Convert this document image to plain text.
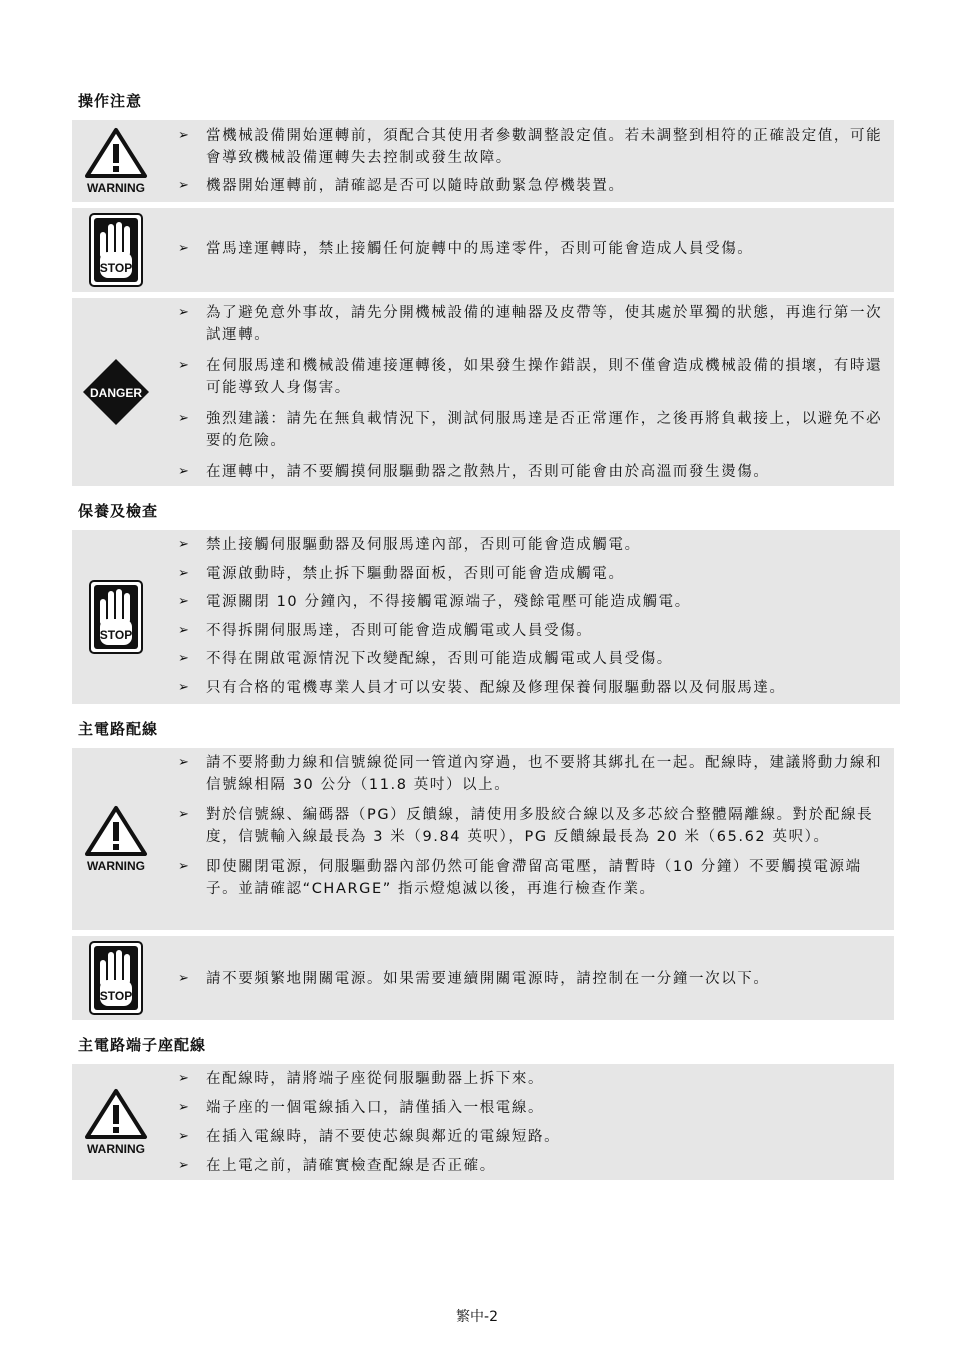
操作注意
保養及檢查
主電路配線
主電路端子座配線
WARNING
➢ 當機械設備開始運轉前，須配合其使用者參數調整設定值。若未調整到相符的正確設定值，可能會導致機械設備運轉失去控制或發生故障。
➢ 機器開始運轉前，請確認是否可以隨時啟動緊急停機裝置。
STOP
➢ 當馬達運轉時，禁止接觸任何旋轉中的馬達零件，否則可能會造成人員受傷。
DANGER
➢ 為了避免意外事故，請先分開機械設備的連軸器及皮帶等，使其處於單獨的狀態，再進行第一次試運轉。
➢ 在伺服馬達和機械設備連接運轉後，如果發生操作錯誤，則不僅會造成機械設備的損壞，有時還可能導致人身傷害。
➢ 強烈建議：請先在無負載情況下，測試伺服馬達是否正常運作，之後再將負載接上，以避免不必要的危險。
➢ 在運轉中，請不要觸摸伺服驅動器之散熱片，否則可能會由於高溫而發生燙傷。
STOP
➢ 禁止接觸伺服驅動器及伺服馬達內部，否則可能會造成觸電。
➢ 電源啟動時，禁止拆下驅動器面板，否則可能會造成觸電。
➢ 電源關閉 10 分鐘內，不得接觸電源端子，殘餘電壓可能造成觸電。
➢ 不得拆開伺服馬達，否則可能會造成觸電或人員受傷。
➢ 不得在開啟電源情況下改變配線，否則可能造成觸電或人員受傷。
➢ 只有合格的電機專業人員才可以安裝、配線及修理保養伺服驅動器以及伺服馬達。
WARNING
➢ 請不要將動力線和信號線從同一管道內穿過，也不要將其綁扎在一起。配線時，建議將動力線和信號線相隔 30 公分（11.8 英吋）以上。
➢ 對於信號線、編碼器（PG）反饋線，請使用多股絞合線以及多芯絞合整體隔離線。對於配線長度，信號輸入線最長為 3 米（9.84 英呎），PG 反饋線最長為 20 米（65.62 英呎）。
➢ 即使關閉電源，伺服驅動器內部仍然可能會滯留高電壓，請暫時（10 分鐘）不要觸摸電源端子。並請確認“CHARGE” 指示燈熄滅以後，再進行檢查作業。
STOP
➢ 請不要頻繁地開關電源。如果需要連續開關電源時，請控制在一分鐘一次以下。
WARNING
➢ 在配線時，請將端子座從伺服驅動器上拆下來。
➢ 端子座的一個電線插入口，請僅插入一根電線。
➢ 在插入電線時，請不要使芯線與鄰近的電線短路。
➢ 在上電之前，請確實檢查配線是否正確。
繁中-2
